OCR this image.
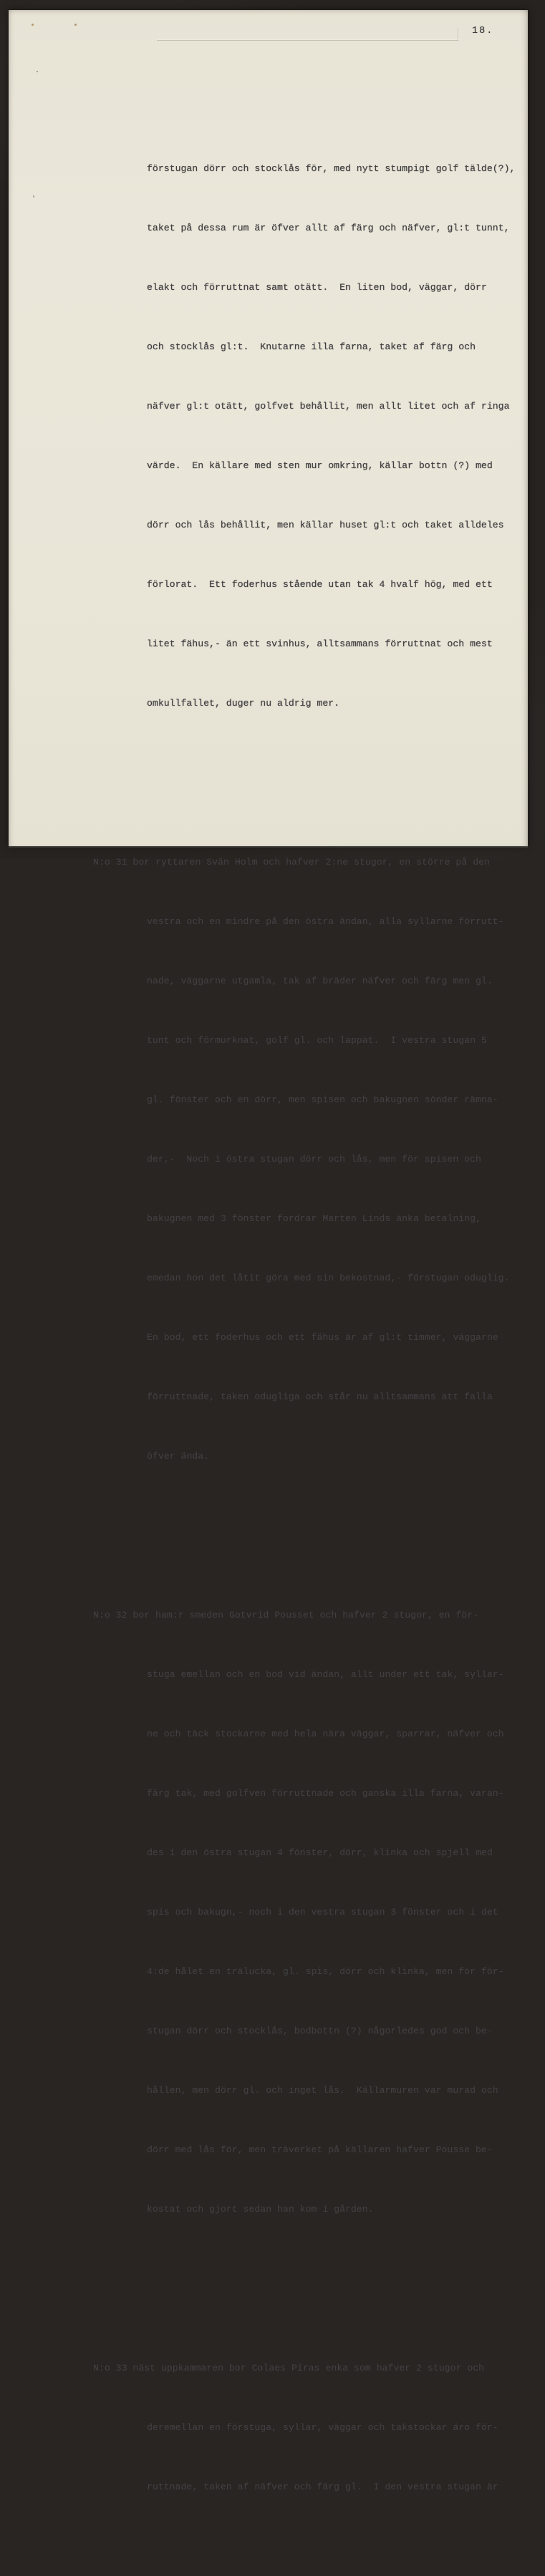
18.

förstugan dörr och stocklås för, med nytt stumpigt golf tälde(?),

taket på dessa rum är öfver allt af färg och näfver, gl:t tunnt,

elakt och förruttnat samt otätt.  En liten bod, väggar, dörr

och stocklås gl:t.  Knutarne illa farna, taket af färg och

näfver gl:t otätt, golfvet behållit, men allt litet och af ringa

värde.  En källare med sten mur omkring, källar bottn (?) med

dörr och lås behållit, men källar huset gl:t och taket alldeles

förlorat.  Ett foderhus stående utan tak 4 hvalf hög, med ett

litet fähus,- än ett svinhus, alltsammans förruttnat och mest

omkullfallet, duger nu aldrig mer.

N:o 31 bor ryttaren Svän Holm och hafver 2:ne stugor, en större på den

vestra och en mindre på den östra ändan, alla syllarne förrutt-

nade, väggarne utgamla, tak af bräder näfver och färg men gl.

tunt och förmurknat, golf gl. och lappat.  I vestra stugan 5

gl. fönster och en dörr, men spisen och bakugnen sönder rämna-

der,-  Noch i östra stugan dörr och lås, men för spisen och

bakugnen med 3 fönster fordrar Marten Linds änka betalning,

emedan hon det låtit göra med sin bekostnad,- förstugan oduglig.

En bod, ett foderhus och ett fähus är af gl:t timmer, väggarne

förruttnade, taken odugliga och står nu alltsammans att falla

öfver ända.

N:o 32 bor ham:r smeden Gotvrid Pousset och hafver 2 stugor, en för-

stuga emellan och en bod vid ändan, allt under ett tak, syllar-

ne och täck stockarne med hela nära väggar, sparrar, näfver och

färg tak, med golfven förruttnade och ganska illa farna, varan-

des i den östra stugan 4 fönster, dörr, klinka och spjell med

spis och bakugn,- noch i den vestra stugan 3 fönster och i det

4:de hålet en trälucka, gl. spis, dörr och klinka, men för för-

stugan dörr och stocklås, bodbottn (?) någorledes god och be-

hållen, men dörr gl. och inget lås.  Källarmuren var murad och

dörr med lås för, men träverket på källaren hafver Pousse be-

kostat och gjort sedan han kom i gården.

N:o 33 näst uppkammaren bor Colaes Piras enka som hafver 2 stugor och

deremellan en förstuga, syllar, väggar och takstockar äro för-

ruttnade, taken af näfver och färg gl.  I den vestra stugan är
